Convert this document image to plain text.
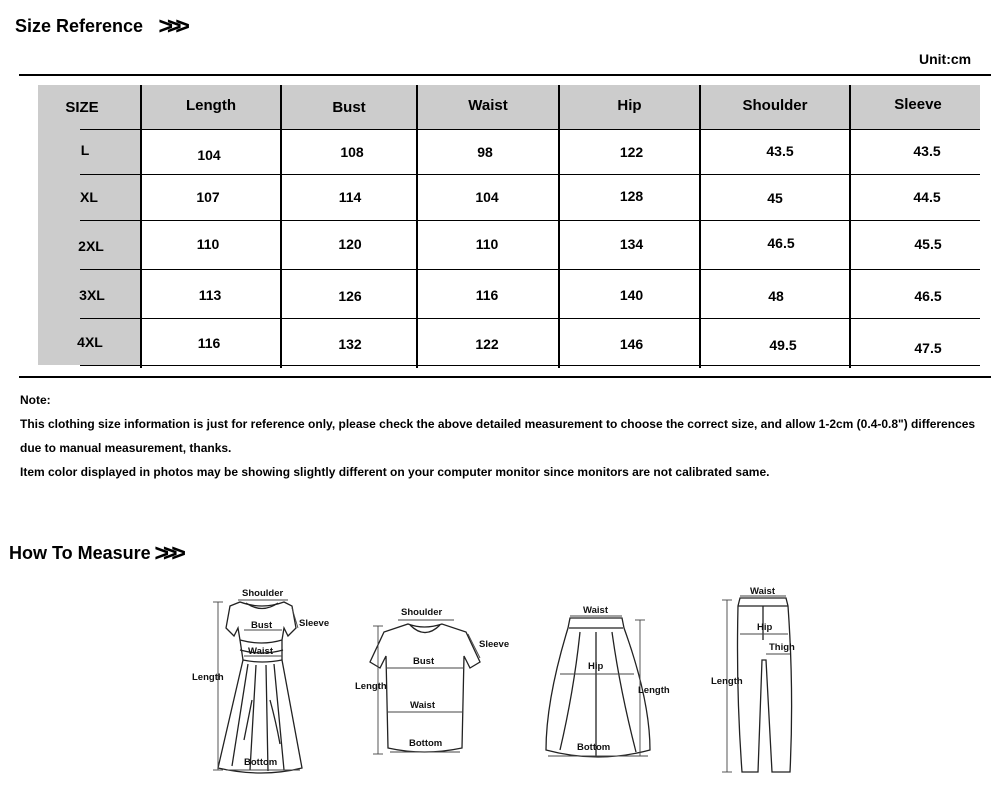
Size Reference >>>
Unit:cm
SIZE	Length	Bust	Waist	Hip	Shoulder	Sleeve
L	104	108	98	122	43.5	43.5
XL	107	114	104	128	45	44.5
2XL	110	120	110	134	46.5	45.5
3XL	113	126	116	140	48	46.5
4XL	116	132	122	146	49.5	47.5
Note:
This clothing size information is just for reference only, please check the above detailed measurement to choose the correct size, and allow 1-2cm (0.4-0.8") differences
due to manual measurement, thanks.
Item color displayed in photos may be showing slightly different on your computer monitor since monitors are not calibrated same.
How To Measure >>>
Shoulder
Sleeve
Bust
Waist
Length
Bottom
Shoulder
Sleeve
Bust
Waist
Length
Bottom
Waist
Hip
Length
Bottom
Waist
Hip
Thigh
Length
